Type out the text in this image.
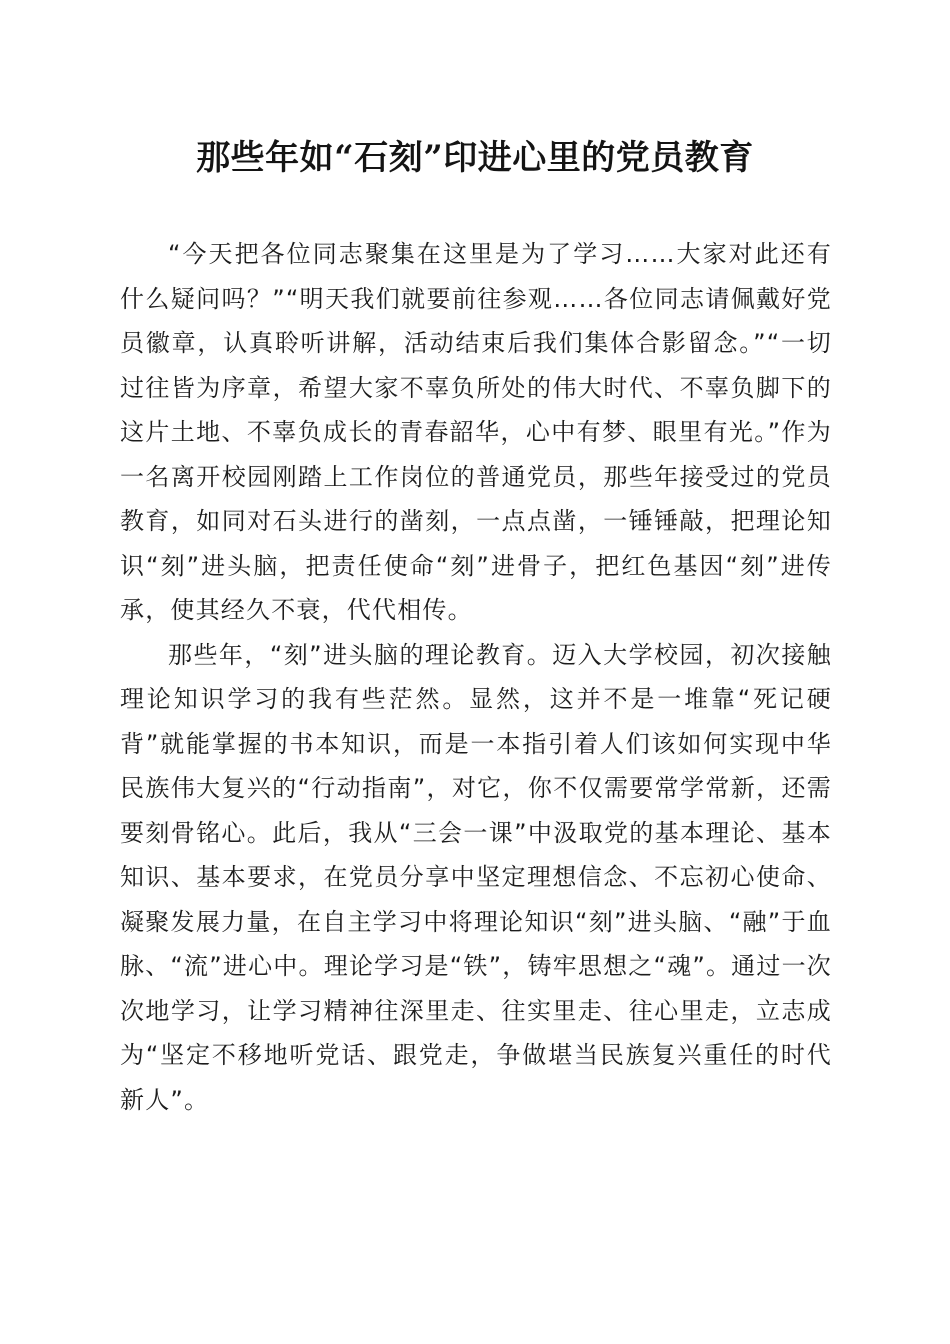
那些年如“石刻”印进心里的党员教育

“今天把各位同志聚集在这里是为了学习……大家对此还有什么疑问吗？”“明天我们就要前往参观……各位同志请佩戴好党员徽章，认真聆听讲解，活动结束后我们集体合影留念。”“一切过往皆为序章，希望大家不辜负所处的伟大时代、不辜负脚下的这片土地、不辜负成长的青春韶华，心中有梦、眼里有光。”作为一名离开校园刚踏上工作岗位的普通党员，那些年接受过的党员教育，如同对石头进行的凿刻，一点点凿，一锤锤敲，把理论知识“刻”进头脑，把责任使命“刻”进骨子，把红色基因“刻”进传承，使其经久不衰，代代相传。

那些年，“刻”进头脑的理论教育。迈入大学校园，初次接触理论知识学习的我有些茫然。显然，这并不是一堆靠“死记硬背”就能掌握的书本知识，而是一本指引着人们该如何实现中华民族伟大复兴的“行动指南”，对它，你不仅需要常学常新，还需要刻骨铭心。此后，我从“三会一课”中汲取党的基本理论、基本知识、基本要求，在党员分享中坚定理想信念、不忘初心使命、凝聚发展力量，在自主学习中将理论知识“刻”进头脑、“融”于血脉、“流”进心中。理论学习是“铁”，铸牢思想之“魂”。通过一次次地学习，让学习精神往深里走、往实里走、往心里走，立志成为“坚定不移地听党话、跟党走，争做堪当民族复兴重任的时代新人”。
